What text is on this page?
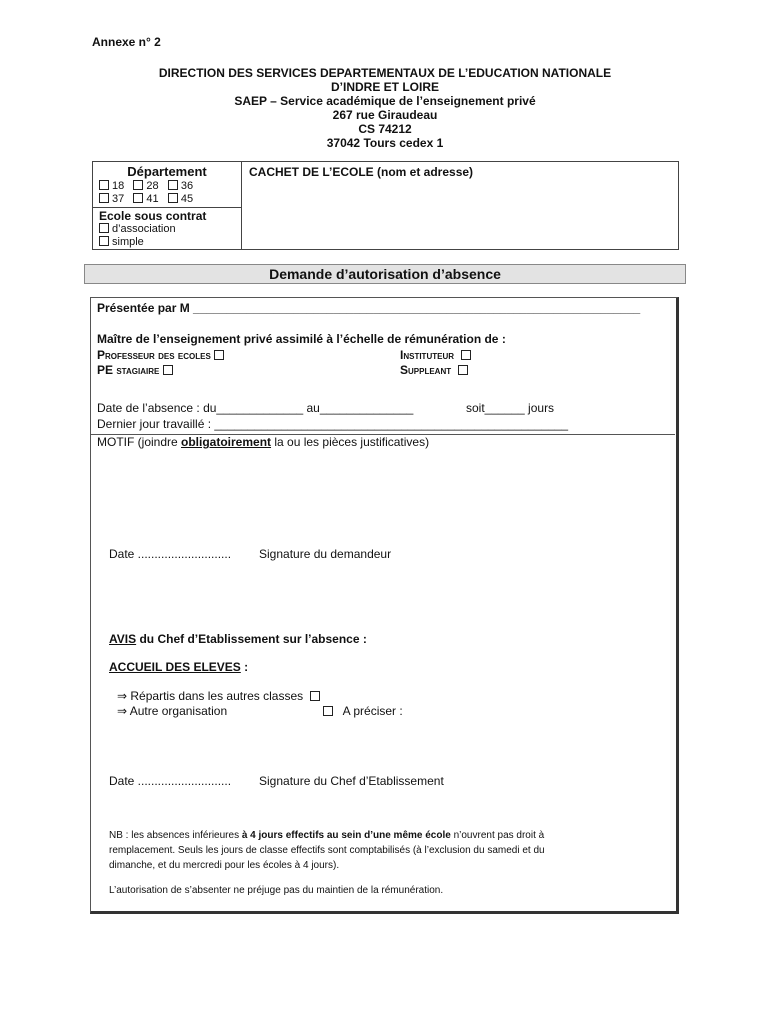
Annexe n° 2
DIRECTION DES SERVICES DEPARTEMENTAUX DE L’EDUCATION NATIONALE
D’INDRE ET LOIRE
SAEP – Service académique de l’enseignement privé
267 rue Giraudeau
CS 74212
37042 Tours cedex 1
Département
18 28 36
37 41 45
Ecole sous contrat
d’association
simple
CACHET DE L’ECOLE (nom et adresse)
Demande d’autorisation d’absence
Présentée par M ___________________________________________________________________
Maître de l’enseignement privé assimilé à l’échelle de rémunération de :
Professeur des ecoles	Instituteur
PE stagiaire	Suppleant
Date de l’absence : du_____________ au______________	soit______ jours
Dernier jour travaillé : _____________________________________________________
MOTIF (joindre obligatoirement la ou les pièces justificatives)
Date ............................ Signature du demandeur
AVIS du Chef d’Etablissement sur l’absence :
ACCUEIL DES ELEVES :
⇒ Répartis dans les autres classes
⇒ Autre organisation	A préciser :
Date ............................ Signature du Chef d’Etablissement
NB : les absences inférieures à 4 jours effectifs au sein d’une même école n’ouvrent pas droit à
remplacement. Seuls les jours de classe effectifs sont comptabilisés (à l’exclusion du samedi et du
dimanche, et du mercredi pour les écoles à 4 jours).
L’autorisation de s’absenter ne préjuge pas du maintien de la rémunération.
